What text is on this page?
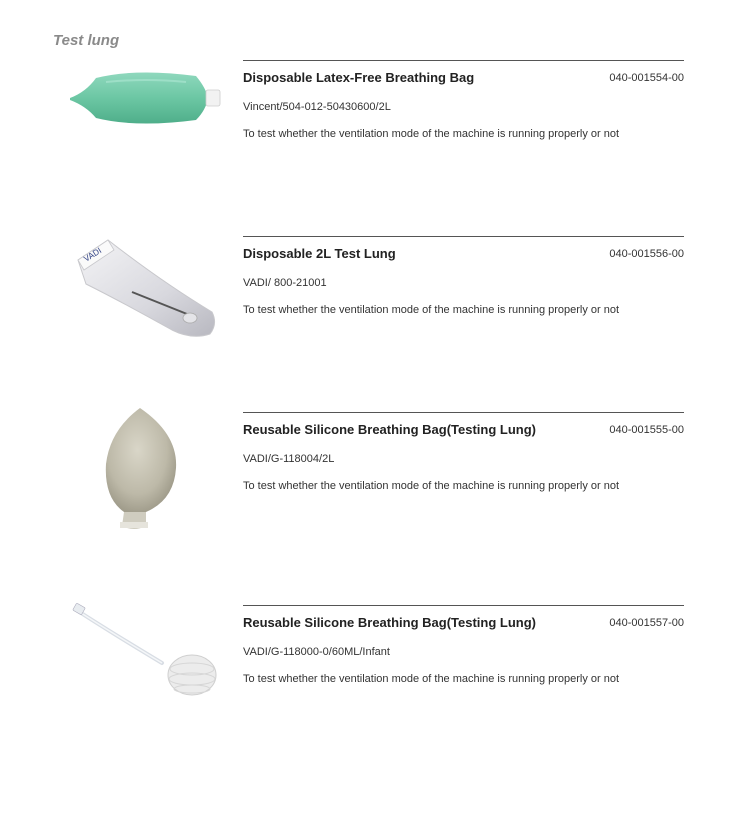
Test lung
Disposable Latex-Free Breathing Bag	040-001554-00
Vincent/504-012-50430600/2L
To test whether the ventilation mode of the machine is running properly or not
Disposable 2L Test Lung	040-001556-00
VADI/ 800-21001
To test whether the ventilation mode of the machine is running properly or not
VADI
Reusable Silicone Breathing Bag(Testing Lung)	040-001555-00
VADI/G-118004/2L
To test whether the ventilation mode of the machine is running properly or not
Reusable Silicone Breathing Bag(Testing Lung)	040-001557-00
VADI/G-118000-0/60ML/Infant
To test whether the ventilation mode of the machine is running properly or not
